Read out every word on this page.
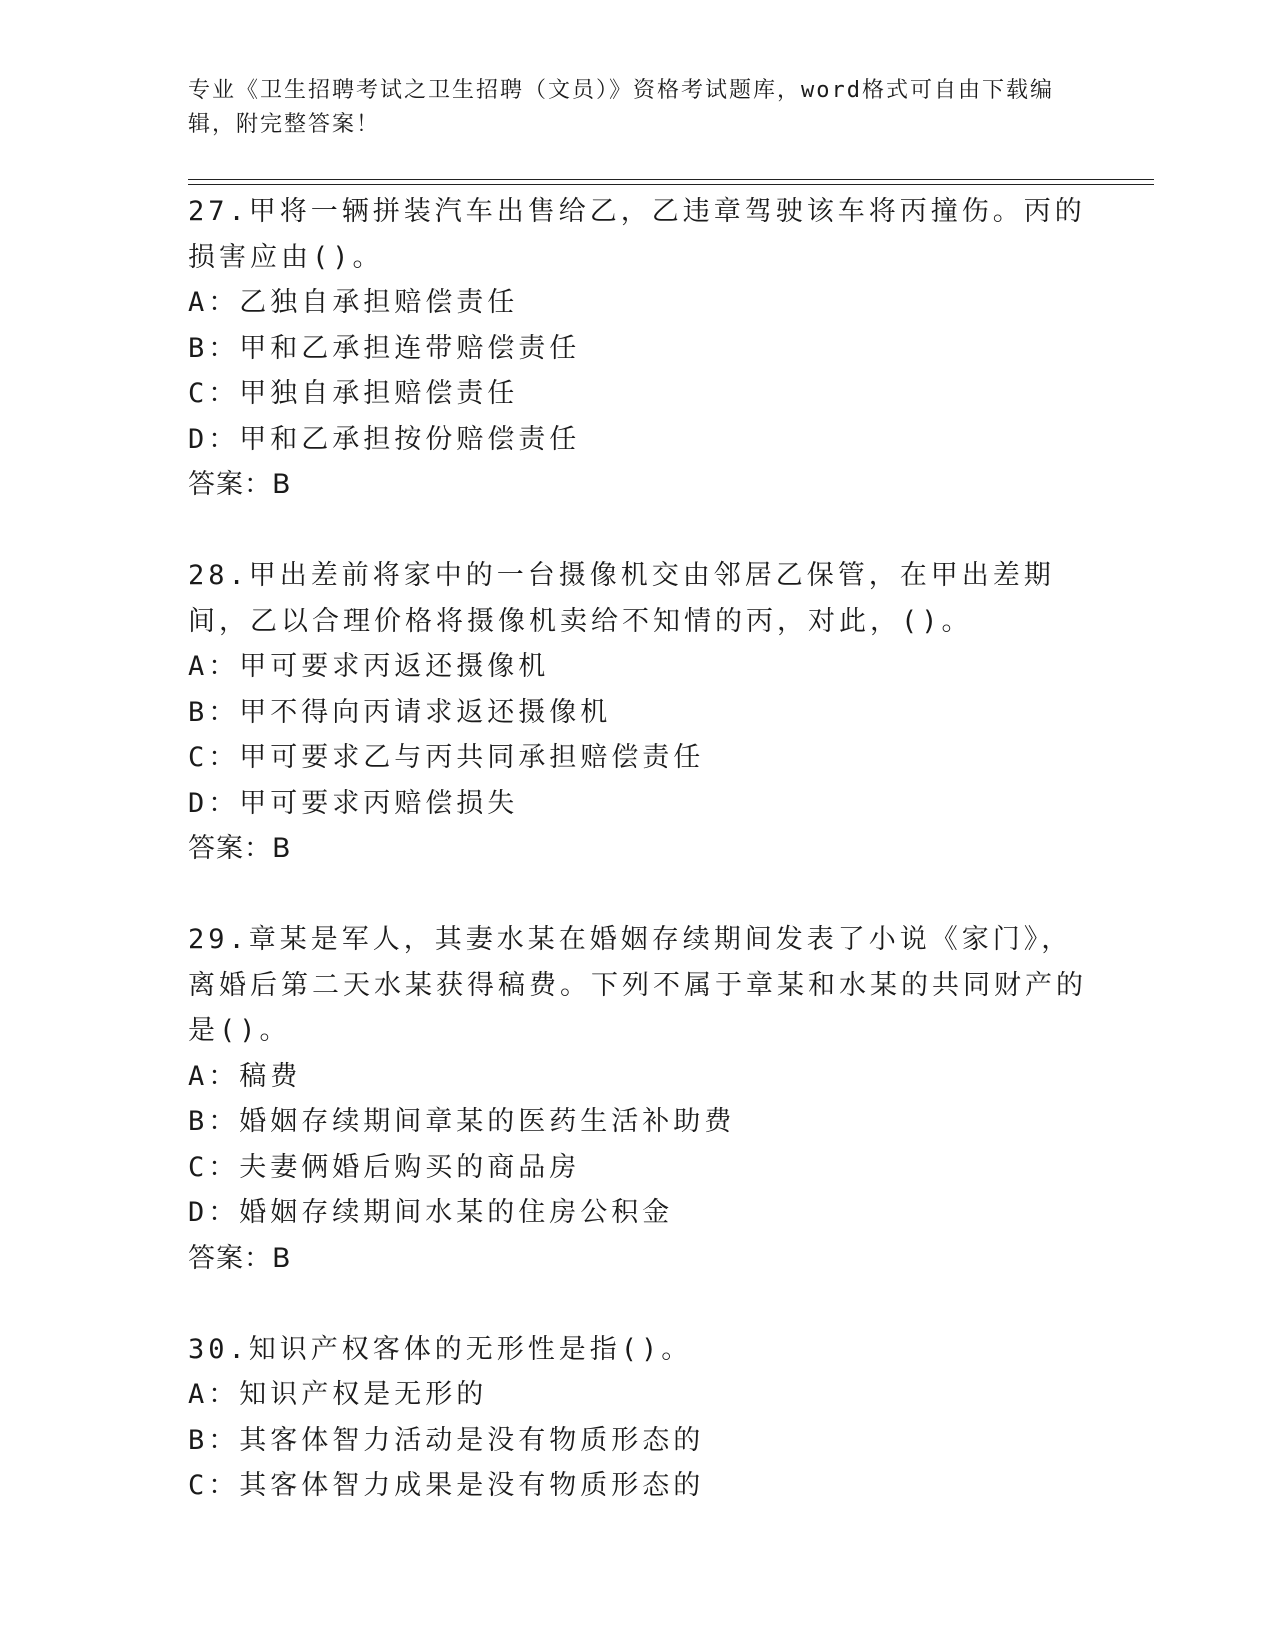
专业《卫生招聘考试之卫生招聘（文员）》资格考试题库，word格式可自由下载编辑，附完整答案！
27.甲将一辆拼装汽车出售给乙，乙违章驾驶该车将丙撞伤。丙的损害应由()。
A：乙独自承担赔偿责任
B：甲和乙承担连带赔偿责任
C：甲独自承担赔偿责任
D：甲和乙承担按份赔偿责任
答案：B
28.甲出差前将家中的一台摄像机交由邻居乙保管，在甲出差期间，乙以合理价格将摄像机卖给不知情的丙，对此，()。
A：甲可要求丙返还摄像机
B：甲不得向丙请求返还摄像机
C：甲可要求乙与丙共同承担赔偿责任
D：甲可要求丙赔偿损失
答案：B
29.章某是军人，其妻水某在婚姻存续期间发表了小说《家门》，离婚后第二天水某获得稿费。下列不属于章某和水某的共同财产的是()。
A：稿费
B：婚姻存续期间章某的医药生活补助费
C：夫妻俩婚后购买的商品房
D：婚姻存续期间水某的住房公积金
答案：B
30.知识产权客体的无形性是指()。
A：知识产权是无形的
B：其客体智力活动是没有物质形态的
C：其客体智力成果是没有物质形态的
